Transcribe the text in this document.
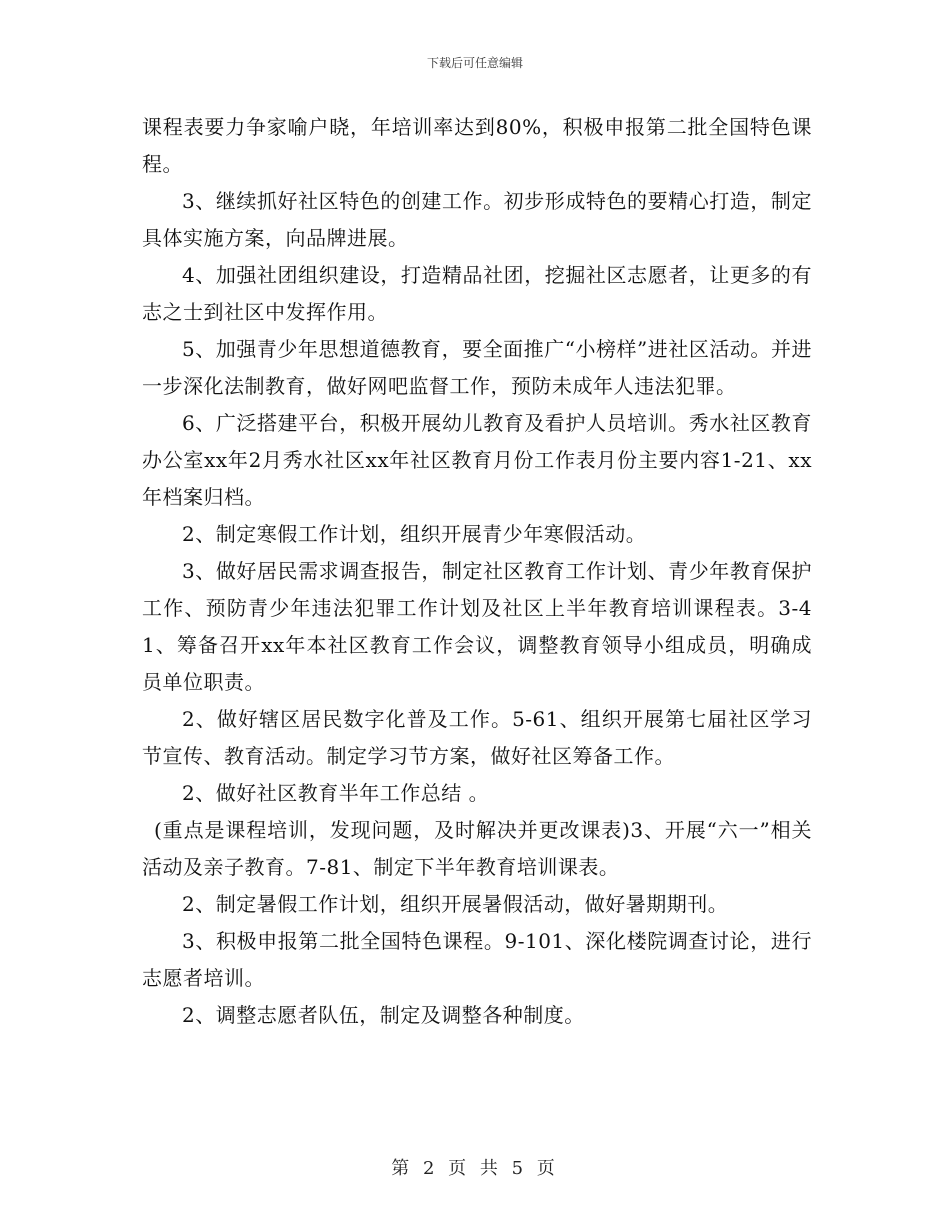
下载后可任意编辑

课程表要力争家喻户晓，年培训率达到80%，积极申报第二批全国特色课程。

3、继续抓好社区特色的创建工作。初步形成特色的要精心打造，制定具体实施方案，向品牌进展。

4、加强社团组织建设，打造精品社团，挖掘社区志愿者，让更多的有志之士到社区中发挥作用。

5、加强青少年思想道德教育，要全面推广“小榜样”进社区活动。并进一步深化法制教育，做好网吧监督工作，预防未成年人违法犯罪。

6、广泛搭建平台，积极开展幼儿教育及看护人员培训。秀水社区教育办公室xx年2月秀水社区xx年社区教育月份工作表月份主要内容1-21、xx年档案归档。

2、制定寒假工作计划，组织开展青少年寒假活动。

3、做好居民需求调查报告，制定社区教育工作计划、青少年教育保护工作、预防青少年违法犯罪工作计划及社区上半年教育培训课程表。3-41、筹备召开xx年本社区教育工作会议，调整教育领导小组成员，明确成员单位职责。

2、做好辖区居民数字化普及工作。5-61、组织开展第七届社区学习节宣传、教育活动。制定学习节方案，做好社区筹备工作。

2、做好社区教育半年工作总结 。

(重点是课程培训，发现问题，及时解决并更改课表)3、开展“六一”相关活动及亲子教育。7-81、制定下半年教育培训课表。

2、制定暑假工作计划，组织开展暑假活动，做好暑期期刊。

3、积极申报第二批全国特色课程。9-101、深化楼院调查讨论，进行志愿者培训。

2、调整志愿者队伍，制定及调整各种制度。

第 2 页 共 5 页
